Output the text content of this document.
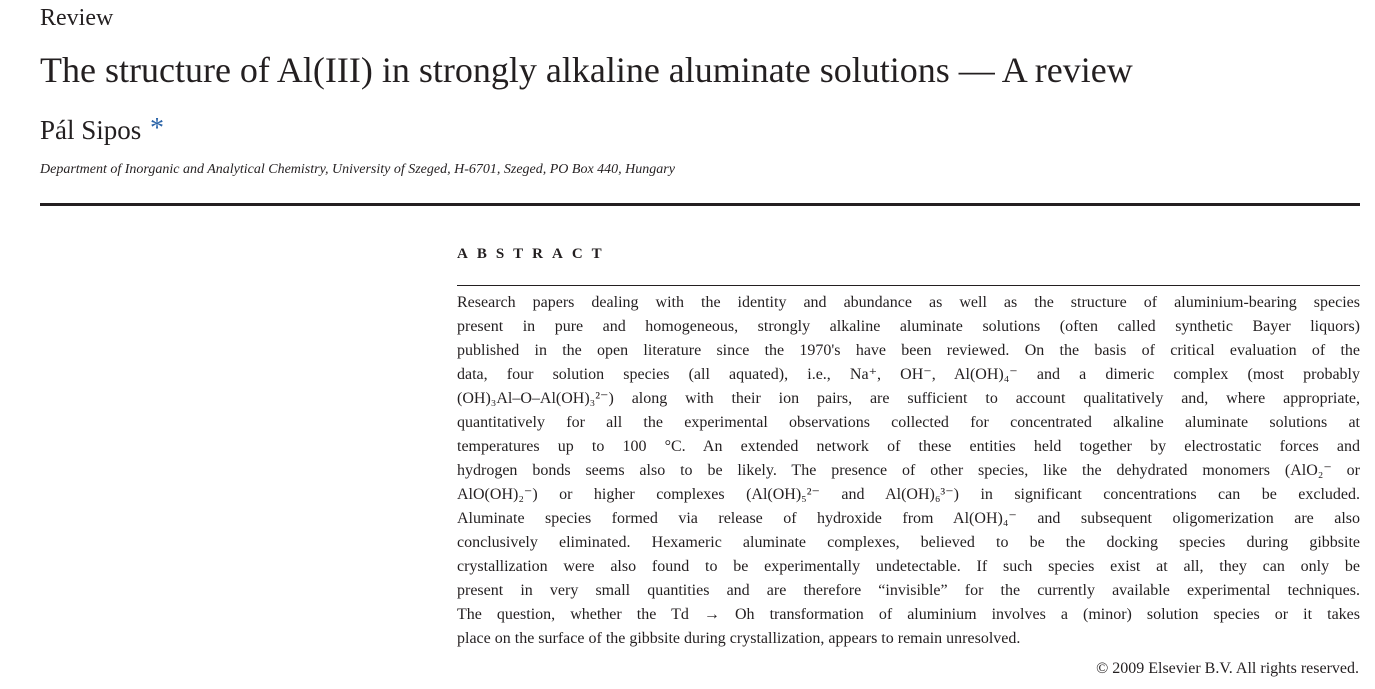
Review
The structure of Al(III) in strongly alkaline aluminate solutions — A review
Pál Sipos *
Department of Inorganic and Analytical Chemistry, University of Szeged, H-6701, Szeged, PO Box 440, Hungary
ABSTRACT
Research papers dealing with the identity and abundance as well as the structure of aluminium-bearing species
present in pure and homogeneous, strongly alkaline aluminate solutions (often called synthetic Bayer liquors)
published in the open literature since the 1970's have been reviewed. On the basis of critical evaluation of the
data, four solution species (all aquated), i.e., Na⁺, OH⁻, Al(OH)₄⁻ and a dimeric complex (most probably
(OH)₃Al–O–Al(OH)₃²⁻) along with their ion pairs, are sufficient to account qualitatively and, where appropriate,
quantitatively for all the experimental observations collected for concentrated alkaline aluminate solutions at
temperatures up to 100 °C. An extended network of these entities held together by electrostatic forces and
hydrogen bonds seems also to be likely. The presence of other species, like the dehydrated monomers (AlO₂⁻ or
AlO(OH)₂⁻) or higher complexes (Al(OH)₅²⁻ and Al(OH)₆³⁻) in significant concentrations can be excluded.
Aluminate species formed via release of hydroxide from Al(OH)₄⁻ and subsequent oligomerization are also
conclusively eliminated. Hexameric aluminate complexes, believed to be the docking species during gibbsite
crystallization were also found to be experimentally undetectable. If such species exist at all, they can only be
present in very small quantities and are therefore “invisible” for the currently available experimental techniques.
The question, whether the Td → Oh transformation of aluminium involves a (minor) solution species or it takes
place on the surface of the gibbsite during crystallization, appears to remain unresolved.
© 2009 Elsevier B.V. All rights reserved.
